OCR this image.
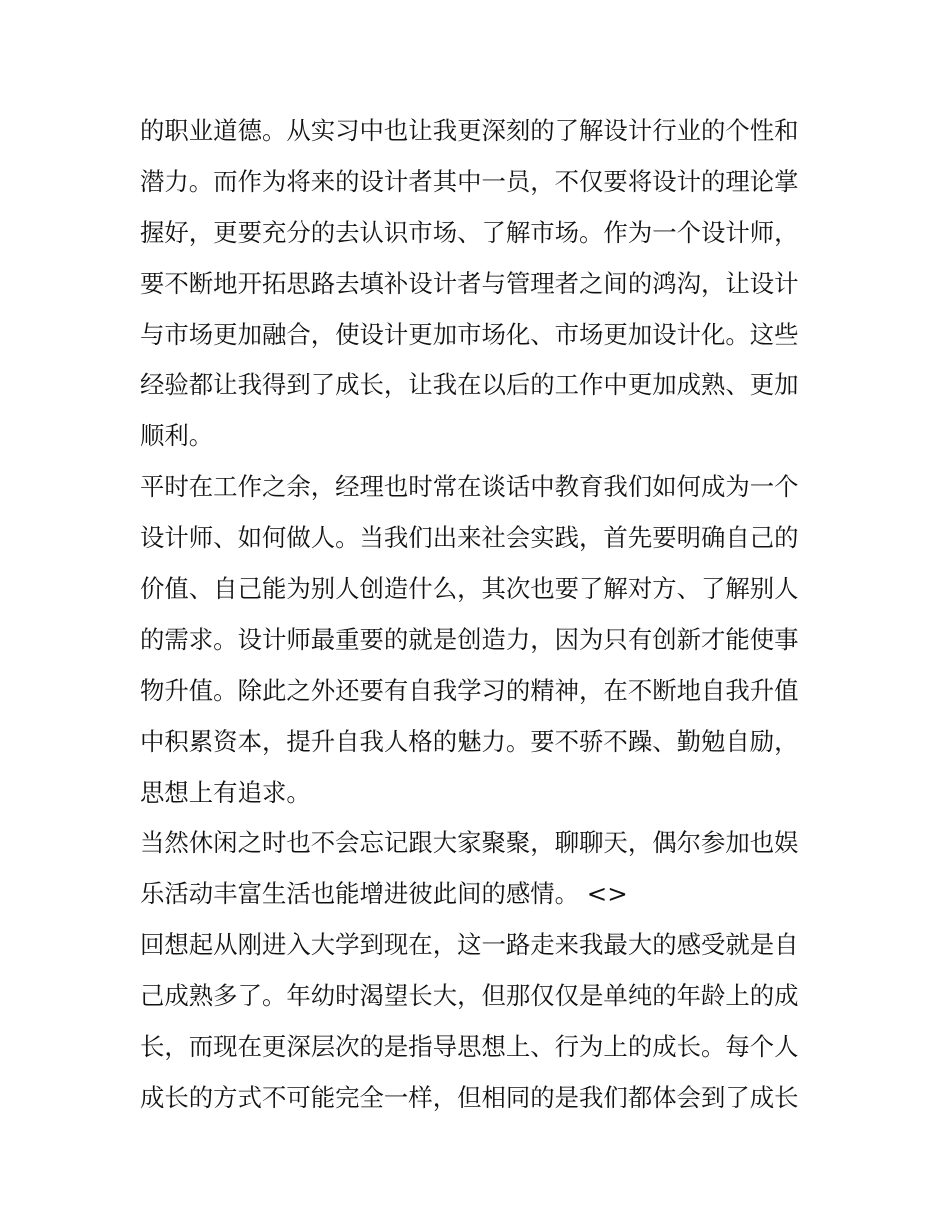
的职业道德。从实习中也让我更深刻的了解设计行业的个性和
潜力。而作为将来的设计者其中一员，不仅要将设计的理论掌
握好，更要充分的去认识市场、了解市场。作为一个设计师，
要不断地开拓思路去填补设计者与管理者之间的鸿沟，让设计
与市场更加融合，使设计更加市场化、市场更加设计化。这些
经验都让我得到了成长，让我在以后的工作中更加成熟、更加
顺利。
平时在工作之余，经理也时常在谈话中教育我们如何成为一个
设计师、如何做人。当我们出来社会实践，首先要明确自己的
价值、自己能为别人创造什么，其次也要了解对方、了解别人
的需求。设计师最重要的就是创造力，因为只有创新才能使事
物升值。除此之外还要有自我学习的精神，在不断地自我升值
中积累资本，提升自我人格的魅力。要不骄不躁、勤勉自励，
思想上有追求。
当然休闲之时也不会忘记跟大家聚聚，聊聊天，偶尔参加也娱
乐活动丰富生活也能增进彼此间的感情。 <>
回想起从刚进入大学到现在，这一路走来我最大的感受就是自
己成熟多了。年幼时渴望长大，但那仅仅是单纯的年龄上的成
长，而现在更深层次的是指导思想上、行为上的成长。每个人
成长的方式不可能完全一样，但相同的是我们都体会到了成长
